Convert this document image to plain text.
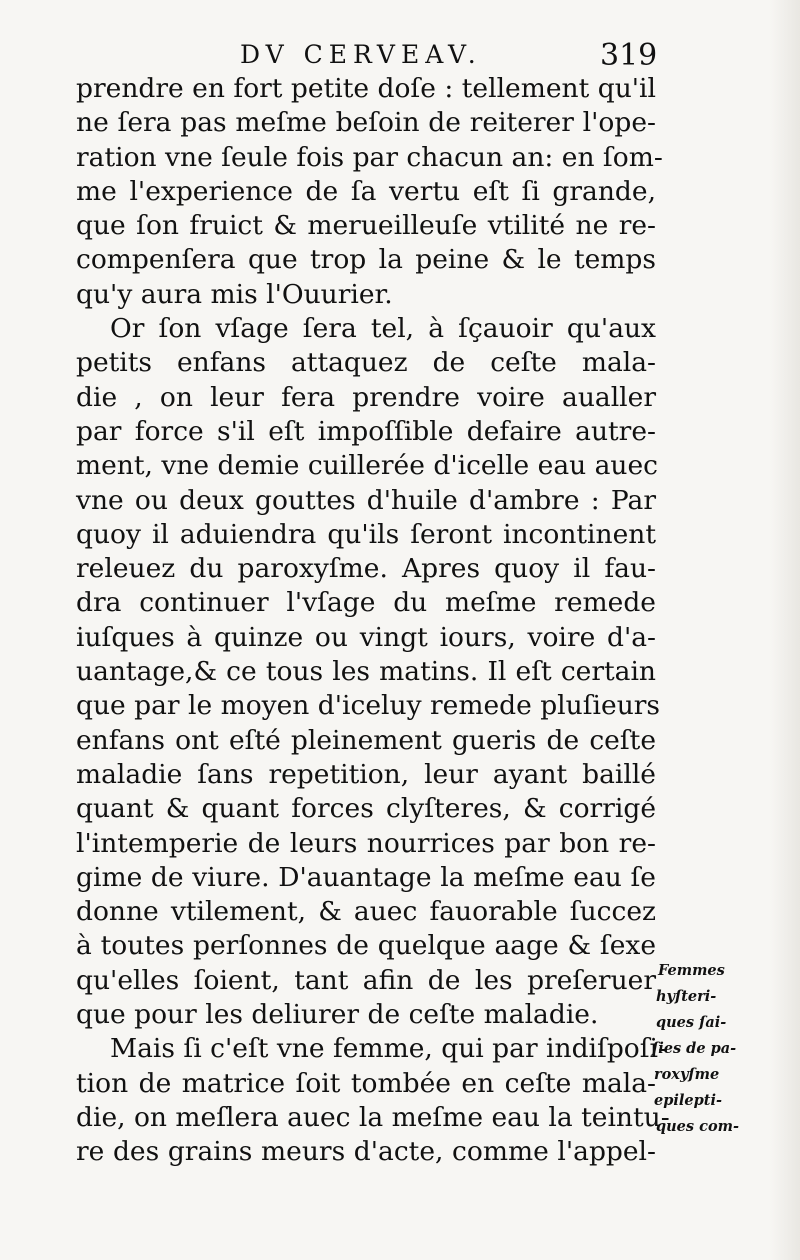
DV CERVEAV.	319
prendre en fort petite doſe : tellement qu'il
ne ſera pas meſme beſoin de reiterer l'ope-
ration vne ſeule fois par chacun an: en ſom-
me l'experience de ſa vertu eſt ſi grande,
que ſon fruict & merueilleuſe vtilité ne re-
compenſera que trop la peine & le temps
qu'y aura mis l'Ouurier.
Or ſon vſage ſera tel, à ſçauoir qu'aux
petits enfans attaquez de ceſte mala-
die , on leur fera prendre voire aualler
par force s'il eſt impoſſible defaire autre-
ment, vne demie cuillerée d'icelle eau auec
vne ou deux gouttes d'huile d'ambre : Par
quoy il aduiendra qu'ils ſeront incontinent
releuez du paroxyſme. Apres quoy il fau-
dra continuer l'vſage du meſme remede
iuſques à quinze ou vingt iours, voire d'a-
uantage,& ce tous les matins. Il eſt certain
que par le moyen d'iceluy remede pluſieurs
enfans ont eſté pleinement gueris de ceſte
maladie ſans repetition, leur ayant baillé
quant & quant forces clyſteres, & corrigé
l'intemperie de leurs nourrices par bon re-
gime de viure. D'auantage la meſme eau ſe
donne vtilement, & auec fauorable ſuccez
à toutes perſonnes de quelque aage & ſexe
qu'elles ſoient, tant afin de les preſeruer
que pour les deliurer de ceſte maladie.
Mais ſi c'eſt vne femme, qui par indiſpoſi-
tion de matrice ſoit tombée en ceſte mala-
die, on meſlera auec la meſme eau la teintu-
re des grains meurs d'acte, comme l'appel-
Femmes
hyſteri-
ques ſai-
ſies de pa-
roxyſme
epilepti-
ques com-
